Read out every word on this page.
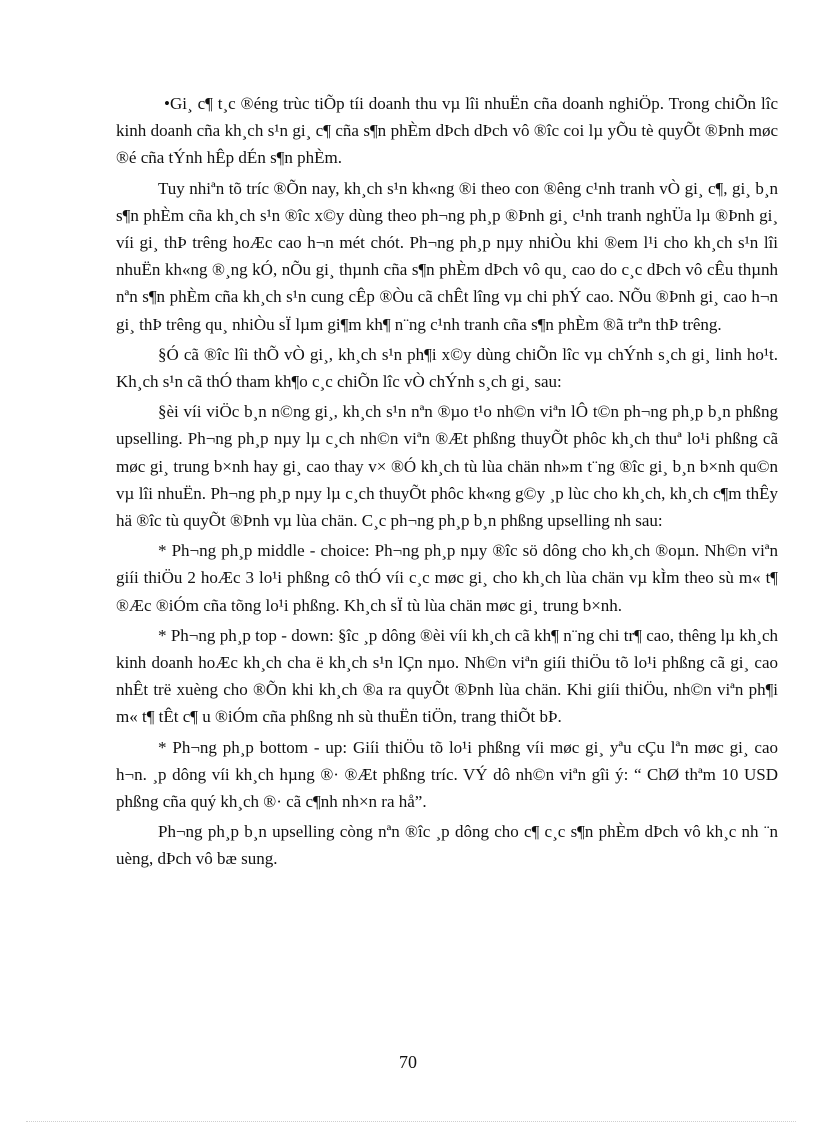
•Gi¸ c¶ t¸c ®éng trùc tiÕp tíi doanh thu vµ lîi nhuËn cña doanh nghiÖp. Trong chiÕn lîc kinh doanh cña kh¸ch s¹n gi¸ c¶ cña s¶n phÈm dÞch dÞch vô ®îc coi lµ yÕu tè quyÕt ®Þnh møc ®é cña tÝnh hÊp dÉn s¶n phÈm.

Tuy nhiªn tõ tríc ®Õn nay, kh¸ch s¹n kh«ng ®i theo con ®êng c¹nh tranh vÒ gi¸ c¶, gi¸ b¸n s¶n phÈm cña kh¸ch s¹n ®îc x©y dùng theo ph¬ng ph¸p ®Þnh gi¸ c¹nh tranh nghÜa lµ ®Þnh gi¸ víi gi¸ thÞ trêng hoÆc cao h¬n mét chót. Ph¬ng ph¸p nµy nhiÒu khi ®em l¹i cho kh¸ch s¹n lîi nhuËn kh«ng ®¸ng kÓ, nÕu gi¸ thµnh cña s¶n phÈm dÞch vô qu¸ cao do c¸c dÞch vô cÊu thµnh nªn s¶n phÈm cña kh¸ch s¹n cung cÊp ®Òu cã chÊt lîng vµ chi phÝ cao. NÕu ®Þnh gi¸ cao h¬n gi¸ thÞ trêng qu¸ nhiÒu sÏ lµm gi¶m kh¶ n¨ng c¹nh tranh cña s¶n phÈm ®ã trªn thÞ trêng.

§Ó cã ®îc lîi thÕ vÒ gi¸, kh¸ch s¹n ph¶i x©y dùng chiÕn lîc vµ chÝnh s¸ch gi¸ linh ho¹t. Kh¸ch s¹n cã thÓ tham kh¶o c¸c chiÕn lîc vÒ chÝnh s¸ch gi¸ sau:

§èi víi viÖc b¸n n©ng gi¸, kh¸ch s¹n nªn ®µo t¹o nh©n viªn lÔ t©n ph¬ng ph¸p b¸n phßng upselling. Ph¬ng ph¸p nµy lµ c¸ch nh©n viªn ®Æt phßng thuyÕt phôc kh¸ch thuª lo¹i phßng cã møc gi¸ trung b×nh hay gi¸ cao thay v× ®Ó kh¸ch tù lùa chän nh»m t¨ng ®îc gi¸ b¸n b×nh qu©n vµ lîi nhuËn. Ph¬ng ph¸p nµy lµ c¸ch thuyÕt phôc kh«ng g©y ¸p lùc cho kh¸ch, kh¸ch c¶m thÊy hä ®îc tù quyÕt ®Þnh vµ lùa chän. C¸c ph¬ng ph¸p b¸n phßng upselling nh sau:

* Ph¬ng ph¸p middle - choice: Ph¬ng ph¸p nµy ®îc sö dông cho kh¸ch ®oµn. Nh©n viªn giíi thiÖu 2 hoÆc 3 lo¹i phßng cô thÓ víi c¸c møc gi¸ cho kh¸ch lùa chän vµ kÌm theo sù m« t¶ ®Æc ®iÓm cña tõng lo¹i phßng. Kh¸ch sÏ tù lùa chän møc gi¸ trung b×nh.

* Ph¬ng ph¸p top - down: §îc ¸p dông ®èi víi kh¸ch cã kh¶ n¨ng chi tr¶ cao, thêng lµ kh¸ch kinh doanh hoÆc kh¸ch cha ë kh¸ch s¹n lÇn nµo. Nh©n viªn giíi thiÖu tõ lo¹i phßng cã gi¸ cao nhÊt trë xuèng cho ®Õn khi kh¸ch ®a ra quyÕt ®Þnh lùa chän. Khi giíi thiÖu, nh©n viªn ph¶i m« t¶ tÊt c¶ u ®iÓm cña phßng nh sù thuËn tiÖn, trang thiÕt bÞ.

* Ph¬ng ph¸p bottom - up: Giíi thiÖu tõ lo¹i phßng víi møc gi¸ yªu cÇu lªn møc gi¸ cao h¬n. ¸p dông víi kh¸ch hµng ®· ®Æt phßng tríc. VÝ dô nh©n viªn gîi ý: “ ChØ thªm 10 USD phßng cña quý kh¸ch ®· cã c¶nh nh×n ra hå”.

Ph¬ng ph¸p b¸n upselling còng nªn ®îc ¸p dông cho c¶ c¸c s¶n phÈm dÞch vô kh¸c nh ¨n uèng, dÞch vô bæ sung.

70
